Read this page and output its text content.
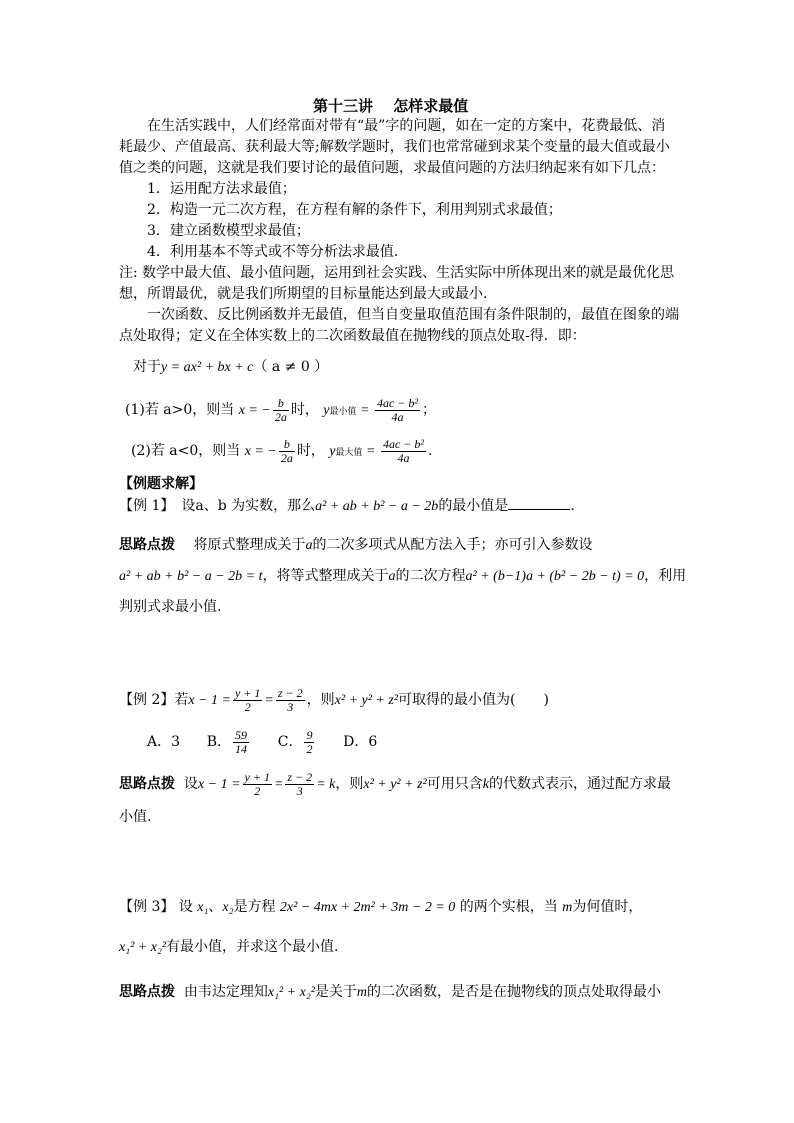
第十三讲　 怎样求最值
在生活实践中，人们经常面对带有“最”字的问题，如在一定的方案中，花费最低、消
耗最少、产值最高、获利最大等;解数学题时，我们也常常碰到求某个变量的最大值或最小
值之类的问题，这就是我们要讨论的最值问题，求最值问题的方法归纳起来有如下几点：
1．运用配方法求最值；
2．构造一元二次方程，在方程有解的条件下，利用判别式求最值；
3．建立函数模型求最值；
4．利用基本不等式或不等分析法求最值.
注: 数学中最大值、最小值问题，运用到社会实践、生活实际中所体现出来的就是最优化思
想，所谓最优，就是我们所期望的目标量能达到最大或最小.
一次函数、反比例函数并无最值，但当自变量取值范围有条件限制的，最值在图象的端
点处取得；定义在全体实数上的二次函数最值在抛物线的顶点处取-得．即：
对于y = ax² + bx + c（ a ≠ 0 ）
(1)若 a>0，则当 x = − $\frac{b}{2a}$ 时， y最小值 = $\frac{\text{4ac − b²}}{4a}$ ；
(2)若 a<0，则当 x = − $\frac{b}{2a}$ 时， y最大值 = $\frac{\text{4ac − b²}}{4a}$ .
【例题求解】
【例 1】　 设a、b 为实数，那么a² + ab + b² − a − 2b的最小值是	.
思路点拨　 将原式整理成关于a的二次多项式从配方法入手；亦可引入参数设
a² + ab + b² − a − 2b = t，将等式整理成关于a的二次方程a² + (b−1)a + (b² − 2b − t) = 0，利用
判别式求最小值.
【例 2】若$x - 1 = \frac{y + 1}{2} = \frac{z - 2}{3}$ ，则x² + y² + z²可取得的最小值为(　　)
A．3 B． $\frac{59}{14}$ C． $\frac{9}{2}$ D．6
思路点拨 设$x - 1 = \frac{y + 1}{2} = \frac{z - 2}{3} = k$，则x² + y² + z²可用只含k的代数式表示，通过配方求最
小值.
【例 3】 设 x₁、x₂是方程 2x² − 4mx + 2m² + 3m − 2 = 0 的两个实根，当 m为何值时，
x₁² + x₂²有最小值，并求这个最小值.
思路点拨 由韦达定理知x₁² + x₂²是关于m的二次函数，是否是在抛物线的顶点处取得最小
